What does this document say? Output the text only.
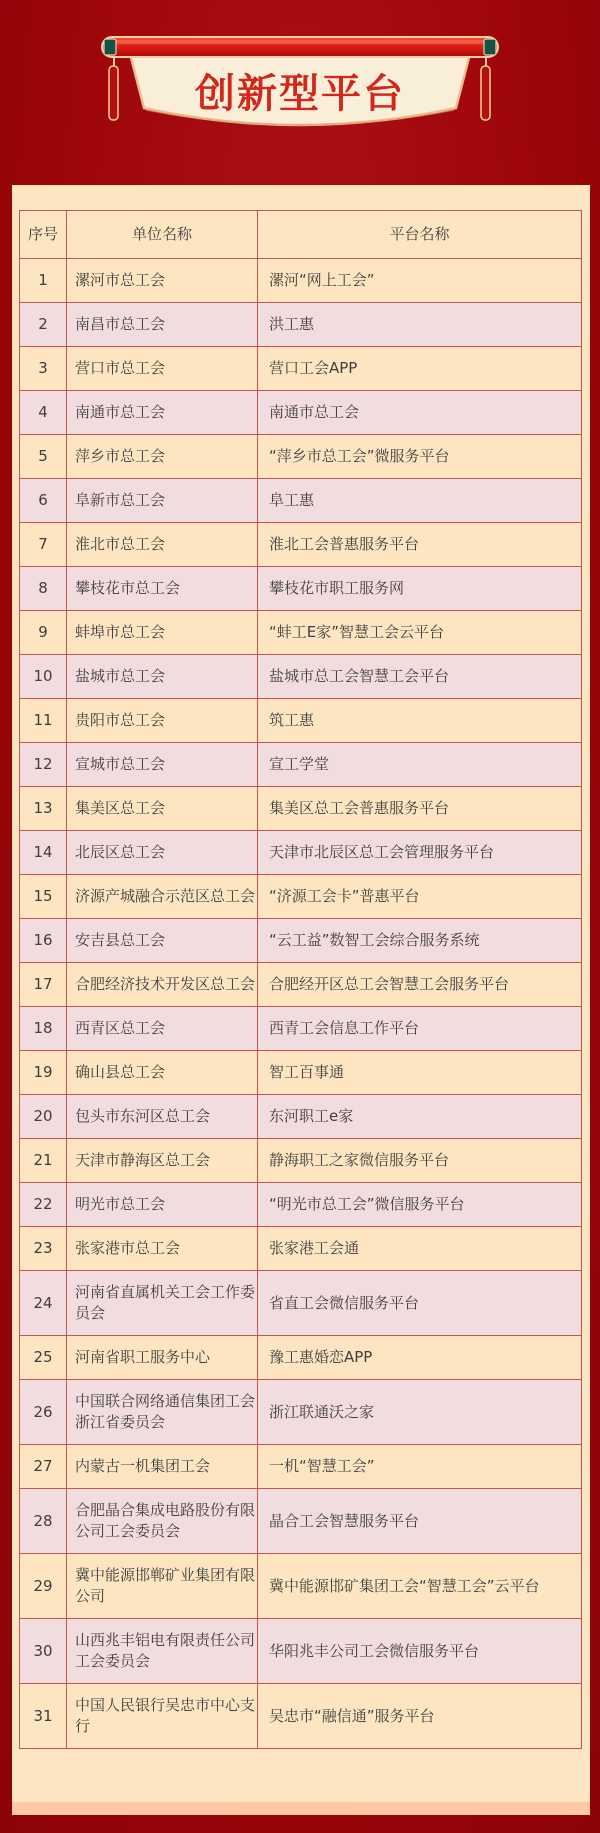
创新型平台
序号	单位名称	平台名称
1	漯河市总工会	漯河“网上工会”
2	南昌市总工会	洪工惠
3	营口市总工会	营口工会APP
4	南通市总工会	南通市总工会
5	萍乡市总工会	“萍乡市总工会”微服务平台
6	阜新市总工会	阜工惠
7	淮北市总工会	淮北工会普惠服务平台
8	攀枝花市总工会	攀枝花市职工服务网
9	蚌埠市总工会	“蚌工E家”智慧工会云平台
10	盐城市总工会	盐城市总工会智慧工会平台
11	贵阳市总工会	筑工惠
12	宣城市总工会	宣工学堂
13	集美区总工会	集美区总工会普惠服务平台
14	北辰区总工会	天津市北辰区总工会管理服务平台
15	济源产城融合示范区总工会	“济源工会卡”普惠平台
16	安吉县总工会	“云工益”数智工会综合服务系统
17	合肥经济技术开发区总工会	合肥经开区总工会智慧工会服务平台
18	西青区总工会	西青工会信息工作平台
19	确山县总工会	智工百事通
20	包头市东河区总工会	东河职工e家
21	天津市静海区总工会	静海职工之家微信服务平台
22	明光市总工会	“明光市总工会”微信服务平台
23	张家港市总工会	张家港工会通
24	河南省直属机关工会工作委员会	省直工会微信服务平台
25	河南省职工服务中心	豫工惠婚恋APP
26	中国联合网络通信集团工会浙江省委员会	浙江联通沃之家
27	内蒙古一机集团工会	一机“智慧工会”
28	合肥晶合集成电路股份有限公司工会委员会	晶合工会智慧服务平台
29	冀中能源邯郸矿业集团有限公司	冀中能源邯矿集团工会“智慧工会”云平台
30	山西兆丰铝电有限责任公司工会委员会	华阳兆丰公司工会微信服务平台
31	中国人民银行吴忠市中心支行	吴忠市“融信通”服务平台
